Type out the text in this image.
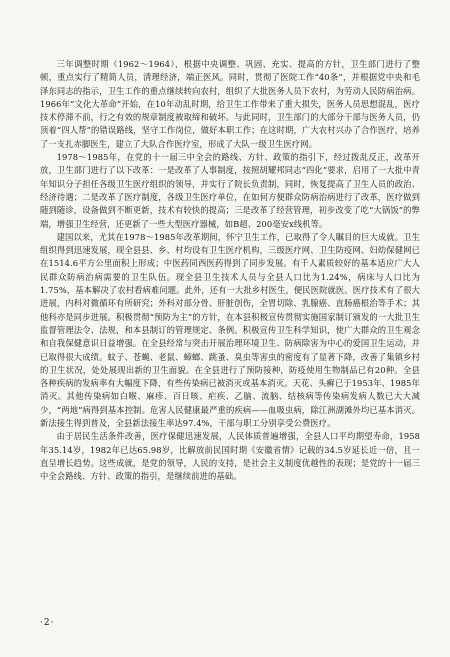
三年调整时期（1962～1964），根据中央调整、巩固、充实、提高的方针，卫生部门进行了整顿，重点实行了精简人员，清理经济，端正医风。同时，贯彻了医院工作“40条”，并根据党中央和毛泽东同志的指示，卫生工作的重点继续转向农村，组织了大批医务人员下农村，为劳动人民防病治病。1966年“文化大革命”开始，在10年动乱时期，给卫生工作带来了重大损失，医务人员思想混乱，医疗技术停滞不前，行之有效的规章制度被取缔和破坏。与此同时，卫生部门的大部分干部与医务人员，仍顶着“四人帮”的错误路线，坚守工作岗位，做好本职工作；在这时期，广大农村兴办了合作医疗，培养了一支扎赤脚医生，建立了大队合作医疗室，形成了大队一级卫生医疗网。

1978～1985年，在党的十一届三中全会的路线、方针、政策的指引下，经过拨乱反正，改革开放，卫生部门进行了以下改革：一是改革了人事制度，按照胡耀邦同志“四化”要求，启用了一大批中青年知识分子担任各级卫生医疗组织的领导，并实行了院长负责制，同时，恢复提高了卫生人员的政治、经济待遇；二是改革了医疗制度，各级卫生医疗单位，在如何方便群众防病治病进行了改革，医疗做到随到随诊，设备做到不断更新，技术有较快的提高；三是改革了经营管理，初步改变了吃“大锅饭”的弊端，增强卫生经营，还更新了一些大型医疗器械，如B超、200毫安x线机等。

建国以来，尤其在1978～1985年改革期间，怀宁卫生工作，已取得了令人瞩目的巨大成就。卫生组织得到迅速发展，现全县县、乡、村均设有卫生医疗机构，三级医疗网、卫生防疫网、妇幼保健网已在1514.6平方公里面积上形成；中医药同西医药得到了同步发展。有千人素质较好的基本适应广大人民群众防病治病需要的卫生队伍。现全县卫生技术人员与全县人口比为1.24%，病床与人口比为1.75%，基本解决了农村看病难问题。此外，还有一大批乡村医生，便民医院就医。医疗技术有了很大进展，内科对微循环有所研究；外科对部分骨、肝脏创伤，全胃切除、乳腺癌、直肠癌根治等手术；其他科亦是同步进展。积极贯彻“预防为主”的方针，在本县积极宣传贯彻实施国家制订颁发的一大批卫生监督管理法令、法规，和本县制订的管理规定、条例。积极宣传卫生科学知识，使广大群众的卫生观念和自我保健意识日益增强。在全县经常与突击开展治理环境卫生、防病除害为中心的爱国卫生运动，并已取得很大成绩。蚊子、苍蝇、老鼠、蟑螂、跳蚤、臭虫等害虫的密度有了显著下降，改善了集镇乡村的卫生状况，处处展现出新的卫生面貌。在全县进行了预防接种，防疫使用生物制品已有20种。全县各种疾病的发病率有大幅度下降，有些传染病已被消灭或基本消灭。天花、头癣已于1953年、1985年消灭。其他传染病如白喉、麻疹、百日咳、疟疾、乙脑、流脑、结核病等传染病发病人数已大大减少，“两地”病得到基本控制。危害人民健康最严重的疾病——血吸虫病，除江洲湖滩外均已基本消灭。新法接生得到普及，全县新法接生率达97.4%，干部与职工分别享受公费医疗。

由于居民生活条件改善，医疗保健迅速发展，人民体质普遍增强，全县人口平均期望寿命，1958年35.14岁，1982年已达65.98岁，比解放前民国时期《安徽省情》记载的34.5岁延长近一倍，且一直呈增长趋势。这些成就，是党的领导，人民的支持，是社会主义制度优越性的表现；是党的十一届三中全会路线、方针、政策的指引，是继续前进的基础。

·2·
